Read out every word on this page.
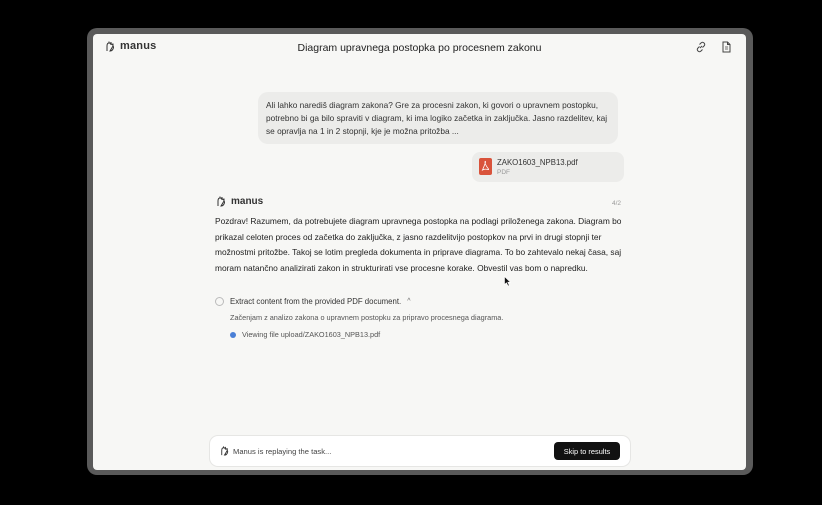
manus	Diagram upravnega postopka po procesnem zakonu
Ali lahko narediš diagram zakona? Gre za procesni zakon, ki govori o upravnem postopku, potrebno bi ga bilo spraviti v diagram, ki ima logiko začetka in zaključka. Jasno razdelitev, kaj se opravlja na 1 in 2 stopnji, kje je možna pritožba ...
ZAKO1603_NPB13.pdf
PDF
manus	4/2
Pozdrav! Razumem, da potrebujete diagram upravnega postopka na podlagi priloženega zakona. Diagram bo prikazal celoten proces od začetka do zaključka, z jasno razdelitvijo postopkov na prvi in drugi stopnji ter možnostmi pritožbe. Takoj se lotim pregleda dokumenta in priprave diagrama. To bo zahtevalo nekaj časa, saj moram natančno analizirati zakon in strukturirati vse procesne korake. Obvestil vas bom o napredku.
Extract content from the provided PDF document. ^
Začenjam z analizo zakona o upravnem postopku za pripravo procesnega diagrama.
Viewing file upload/ZAKO1603_NPB13.pdf
Manus is replaying the task...	Skip to results
